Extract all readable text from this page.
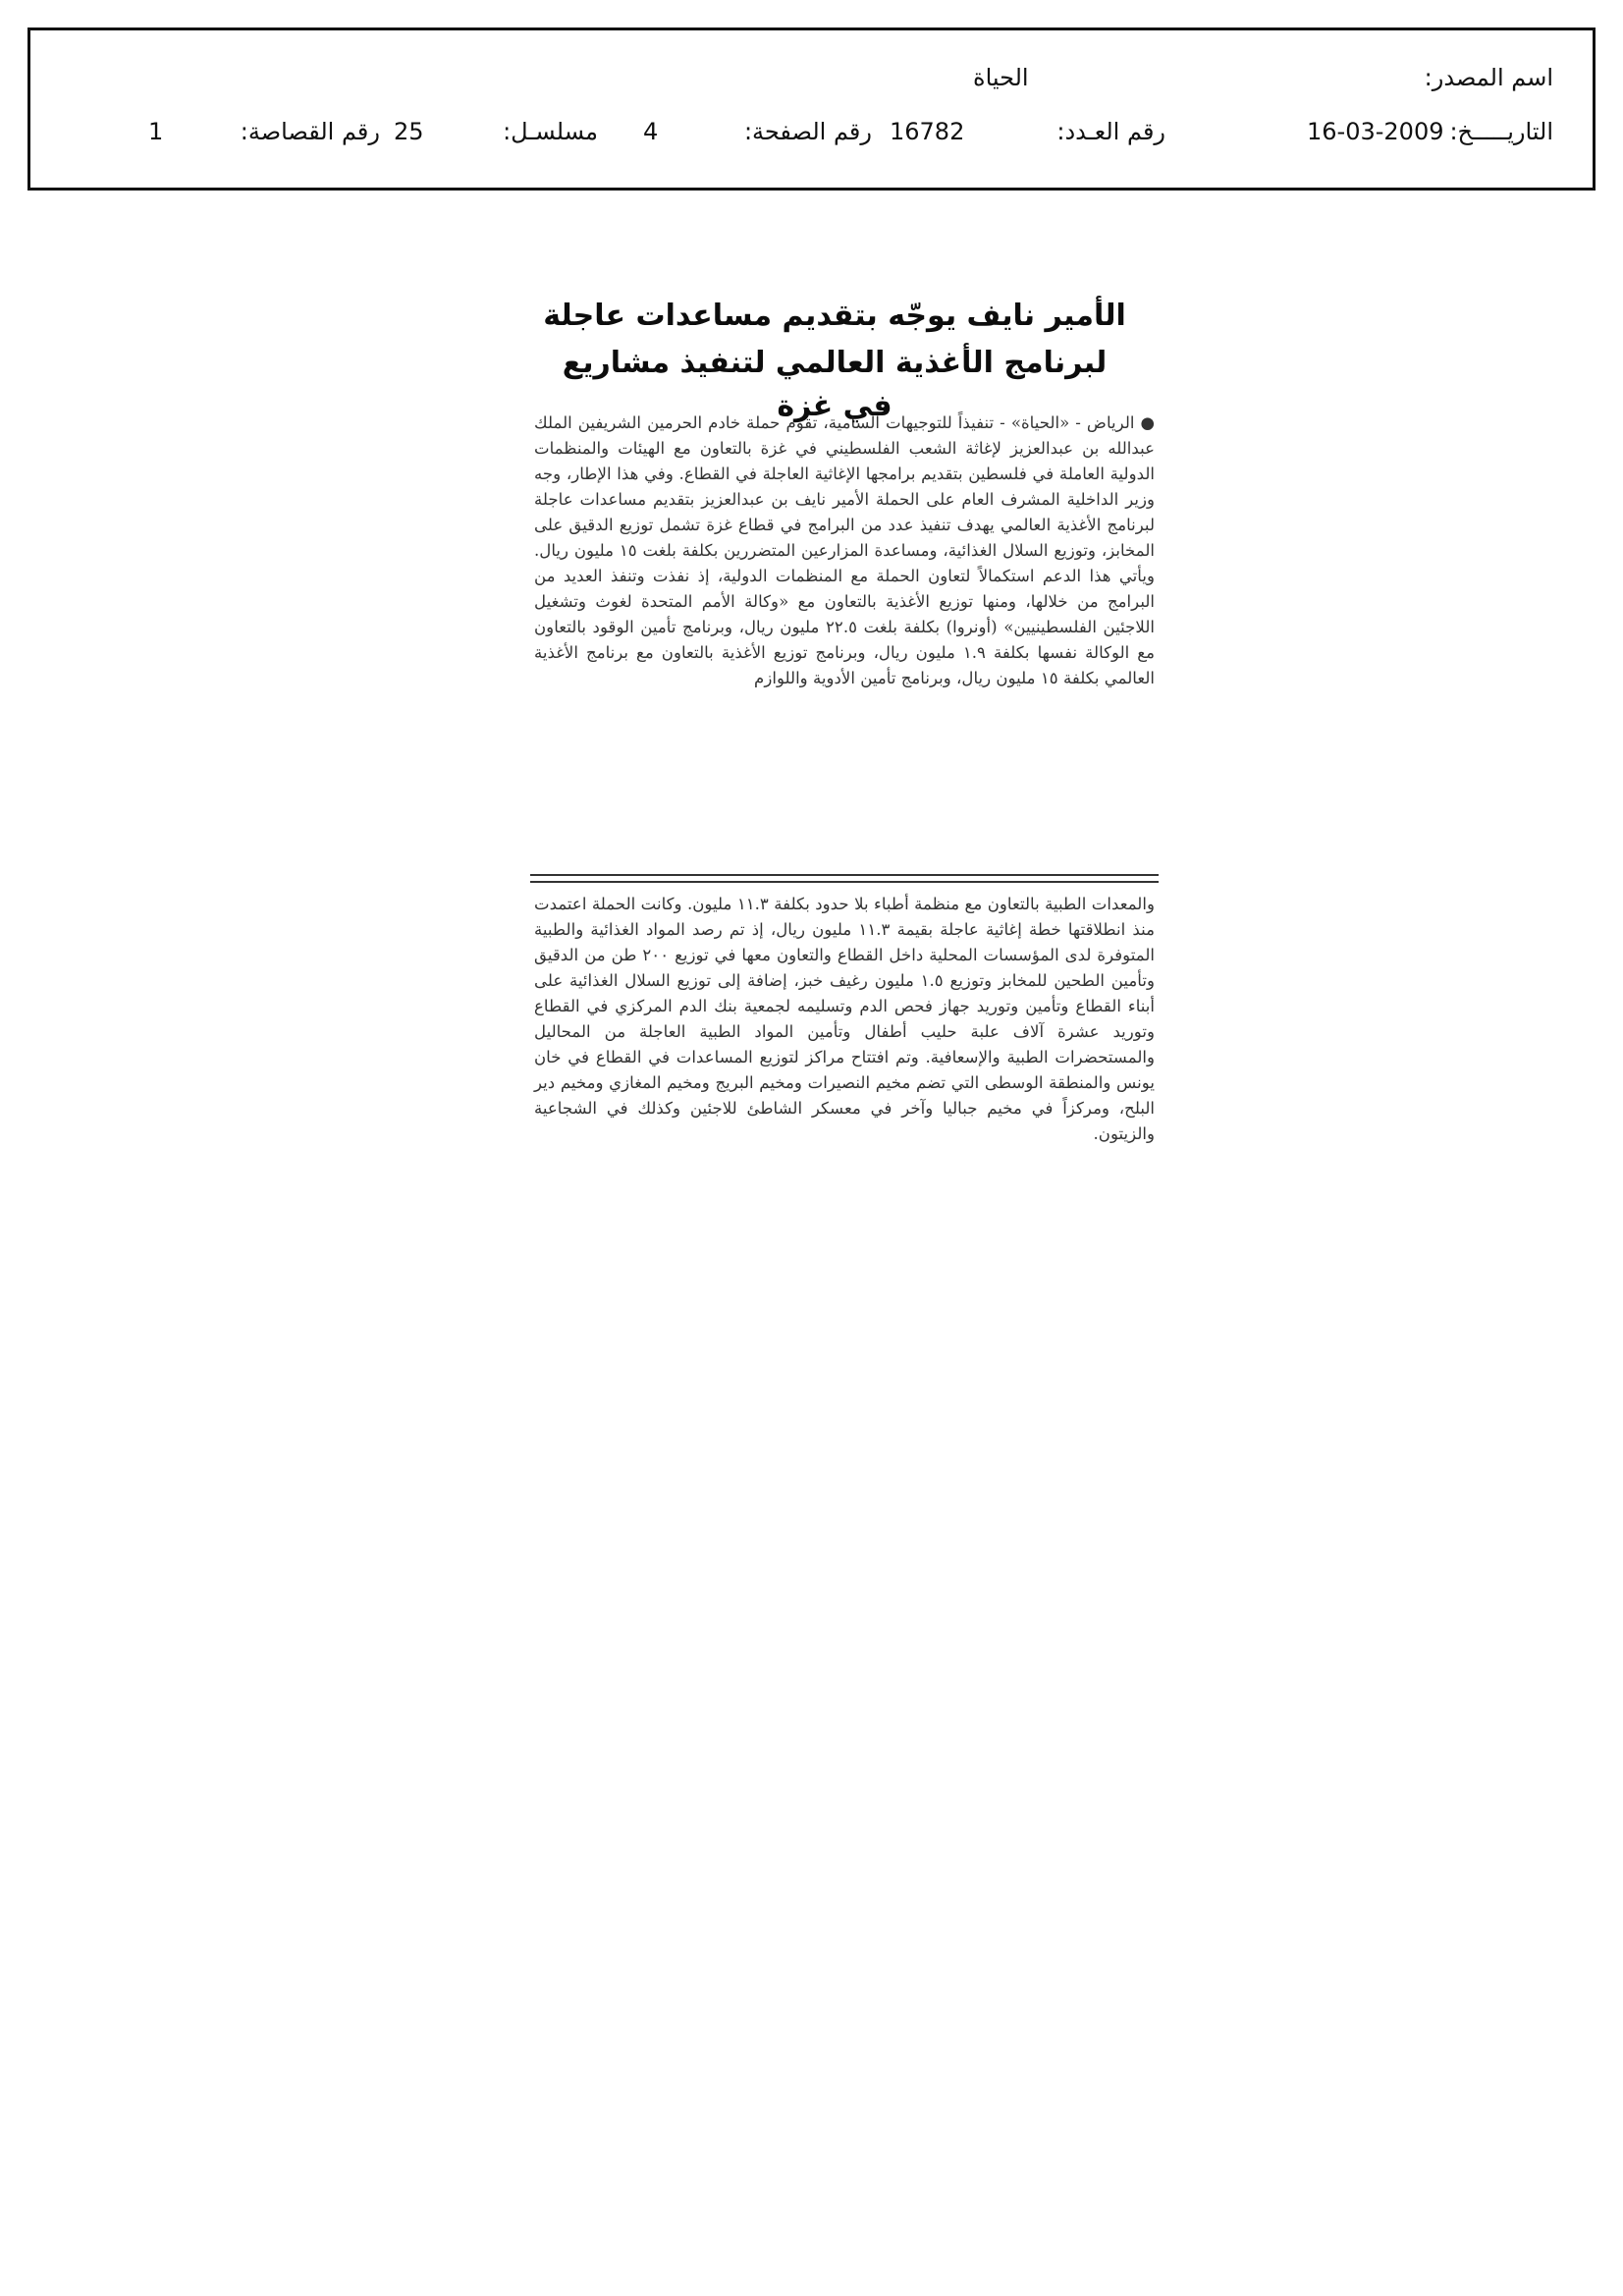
اسم المصدر:
الحياة
التاريـــــخ:
16-03-2009
رقم العـدد:
16782
رقم الصفحة:
4
مسلسـل:
25
رقم القصاصة:
1
الأمير نايف يوجّه بتقديم مساعدات عاجلة
لبرنامج الأغذية العالمي لتنفيذ مشاريع في غزة

● الرياض - «الحياة» - تنفيذاً للتوجيهات السامية، تقوم حملة خادم الحرمين الشريفين الملك عبدالله بن عبدالعزيز لإغاثة الشعب الفلسطيني في غزة بالتعاون مع الهيئات والمنظمات الدولية العاملة في فلسطين بتقديم برامجها الإغاثية العاجلة في القطاع. وفي هذا الإطار، وجه وزير الداخلية المشرف العام على الحملة الأمير نايف بن عبدالعزيز بتقديم مساعدات عاجلة لبرنامج الأغذية العالمي يهدف تنفيذ عدد من البرامج في قطاع غزة تشمل توزيع الدقيق على المخابز، وتوزيع السلال الغذائية، ومساعدة المزارعين المتضررين بكلفة بلغت ١٥ مليون ريال. ويأتي هذا الدعم استكمالاً لتعاون الحملة مع المنظمات الدولية، إذ نفذت وتنفذ العديد من البرامج من خلالها، ومنها توزيع الأغذية بالتعاون مع «وكالة الأمم المتحدة لغوث وتشغيل اللاجئين الفلسطينيين» (أونروا) بكلفة بلغت ٢٢.٥ مليون ريال، وبرنامج تأمين الوقود بالتعاون مع الوكالة نفسها بكلفة ١.٩ مليون ريال، وبرنامج توزيع الأغذية بالتعاون مع برنامج الأغذية العالمي بكلفة ١٥ مليون ريال، وبرنامج تأمين الأدوية واللوازم

والمعدات الطبية بالتعاون مع منظمة أطباء بلا حدود بكلفة ١١.٣ مليون. وكانت الحملة اعتمدت منذ انطلاقتها خطة إغاثية عاجلة بقيمة ١١.٣ مليون ريال، إذ تم رصد المواد الغذائية والطبية المتوفرة لدى المؤسسات المحلية داخل القطاع والتعاون معها في توزيع ٢٠٠ طن من الدقيق وتأمين الطحين للمخابز وتوزيع ١.٥ مليون رغيف خبز، إضافة إلى توزيع السلال الغذائية على أبناء القطاع وتأمين وتوريد جهاز فحص الدم وتسليمه لجمعية بنك الدم المركزي في القطاع وتوريد عشرة آلاف علبة حليب أطفال وتأمين المواد الطبية العاجلة من المحاليل والمستحضرات الطبية والإسعافية. وتم افتتاح مراكز لتوزيع المساعدات في القطاع في خان يونس والمنطقة الوسطى التي تضم مخيم النصيرات ومخيم البريج ومخيم المغازي ومخيم دير البلح، ومركزاً في مخيم جباليا وآخر في معسكر الشاطئ للاجئين وكذلك في الشجاعية والزيتون.
